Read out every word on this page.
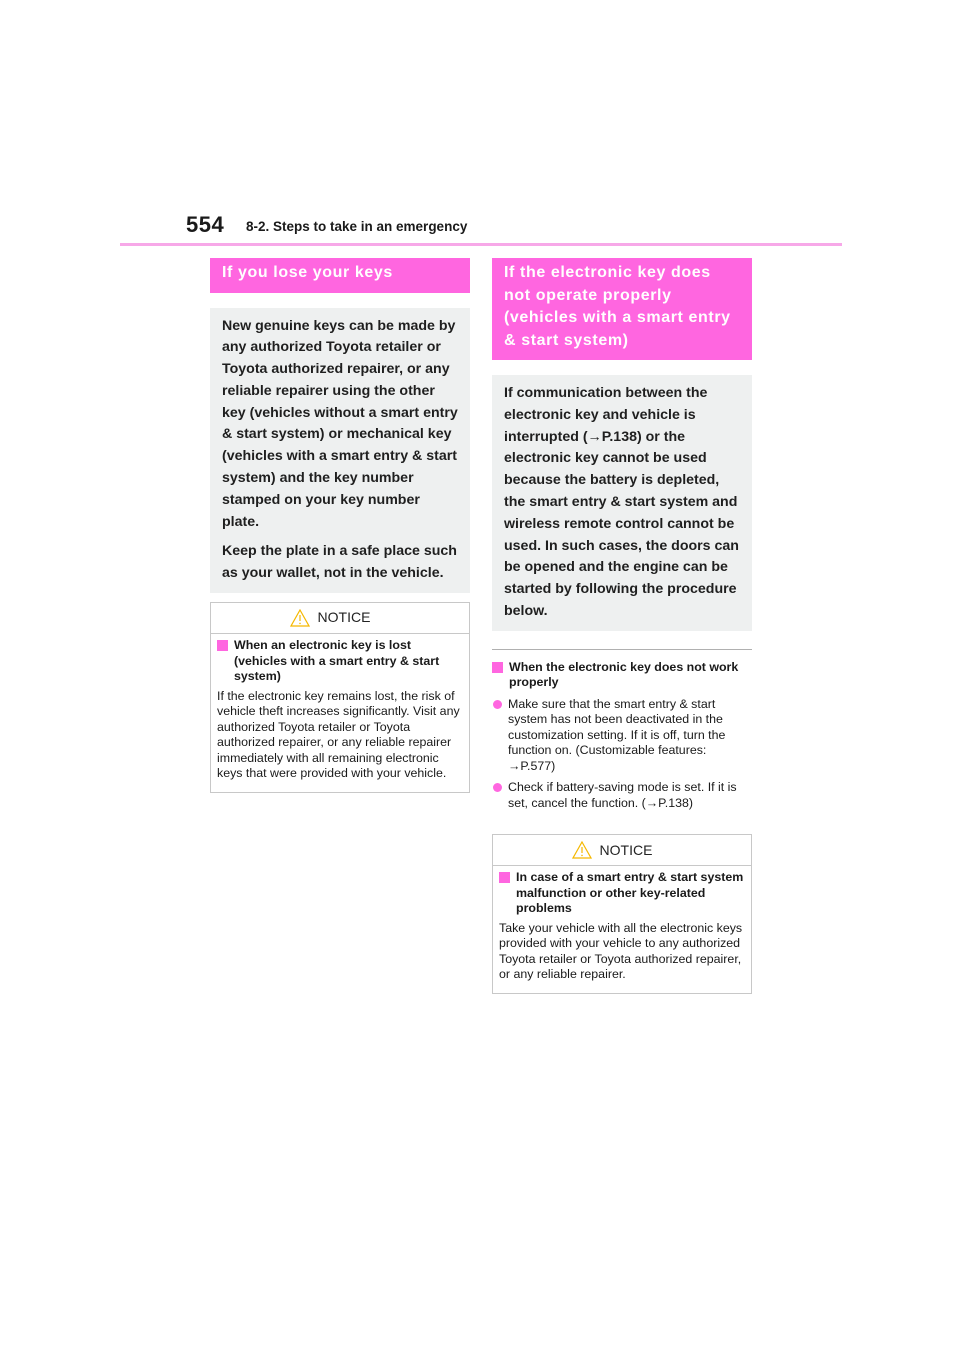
554 8-2. Steps to take in an emergency
If you lose your keys

New genuine keys can be made by any authorized Toyota retailer or Toyota authorized repairer, or any reliable repairer using the other key (vehicles without a smart entry & start system) or mechanical key (vehicles with a smart entry & start system) and the key number stamped on your key number plate.

Keep the plate in a safe place such as your wallet, not in the vehicle.

NOTICE
When an electronic key is lost (vehicles with a smart entry & start system)

If the electronic key remains lost, the risk of vehicle theft increases significantly. Visit any authorized Toyota retailer or Toyota authorized repairer, or any reliable repairer immediately with all remaining electronic keys that were provided with your vehicle.

If the electronic key does not operate properly (vehicles with a smart entry & start system)

If communication between the electronic key and vehicle is interrupted (→P.138) or the electronic key cannot be used because the battery is depleted, the smart entry & start system and wireless remote control cannot be used. In such cases, the doors can be opened and the engine can be started by following the procedure below.

When the electronic key does not work properly
Make sure that the smart entry & start system has not been deactivated in the customization setting. If it is off, turn the function on. (Customizable features: →P.577)
Check if battery-saving mode is set. If it is set, cancel the function. (→P.138)
NOTICE
In case of a smart entry & start system malfunction or other key-related problems

Take your vehicle with all the electronic keys provided with your vehicle to any authorized Toyota retailer or Toyota authorized repairer, or any reliable repairer.
